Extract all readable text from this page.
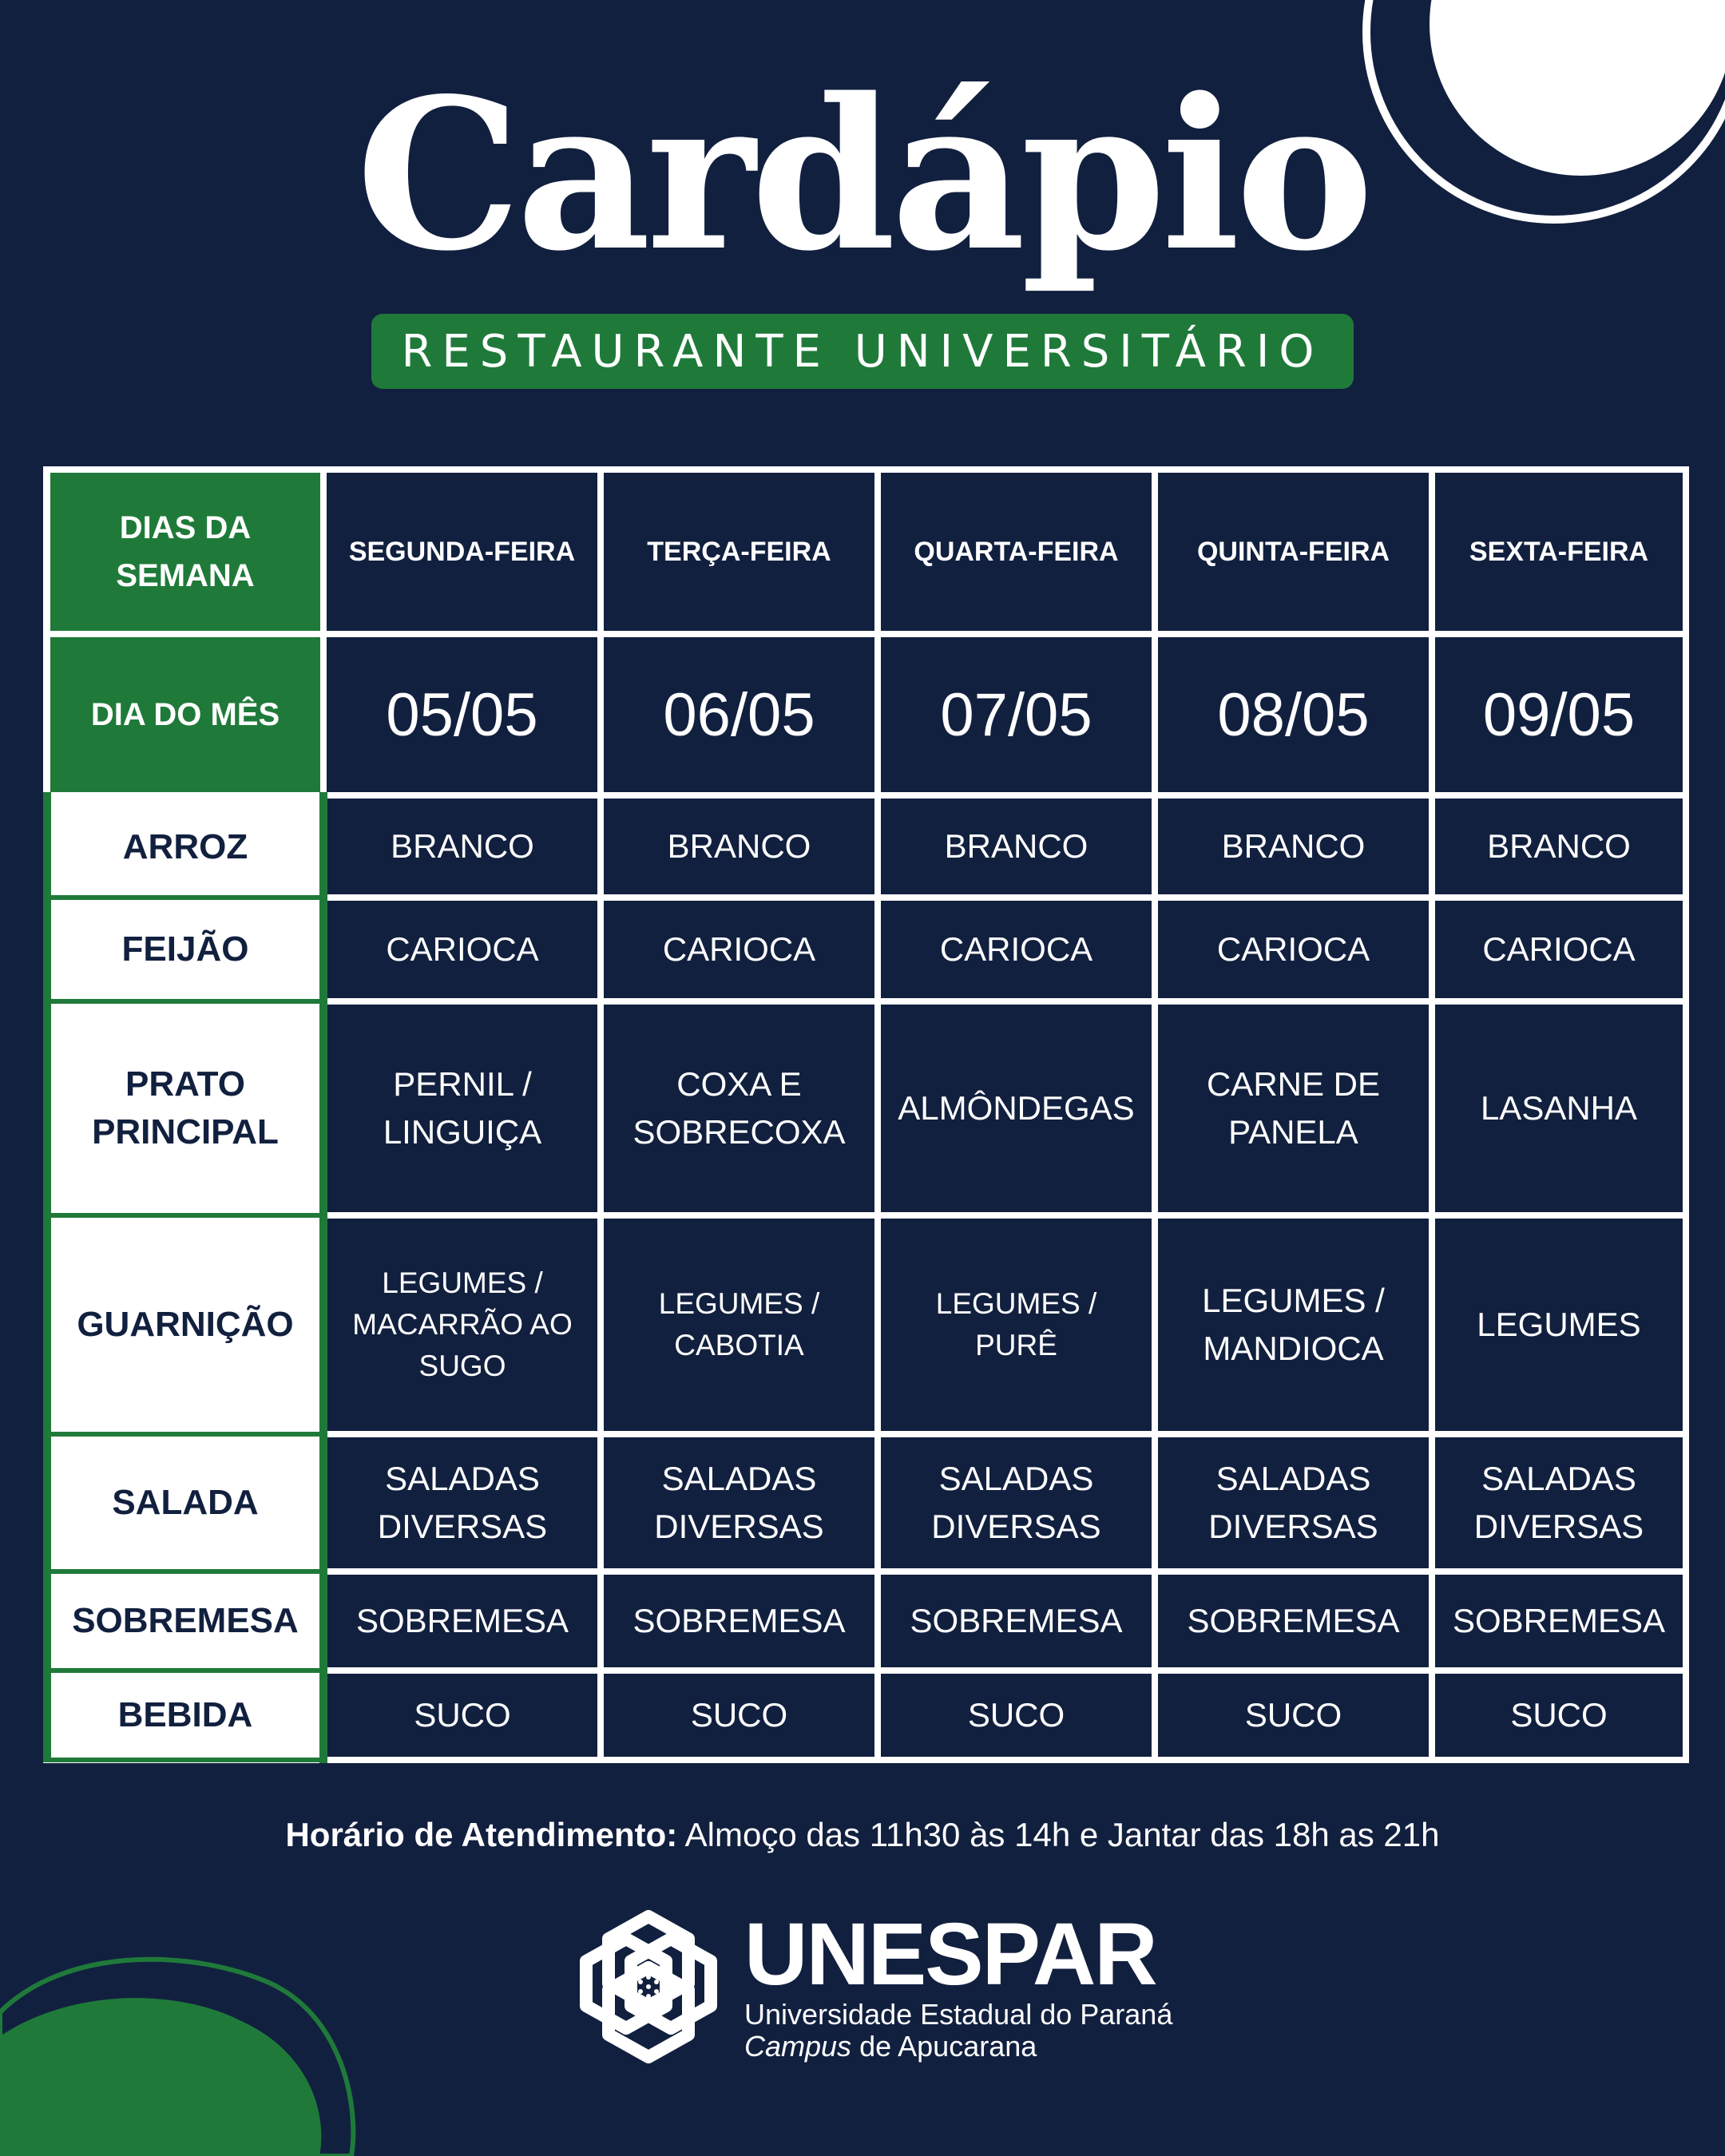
Cardápio
RESTAURANTE UNIVERSITÁRIO
DIAS DA SEMANA	SEGUNDA-FEIRA	TERÇA-FEIRA	QUARTA-FEIRA	QUINTA-FEIRA	SEXTA-FEIRA
DIA DO MÊS	05/05	06/05	07/05	08/05	09/05
ARROZ	BRANCO	BRANCO	BRANCO	BRANCO	BRANCO
FEIJÃO	CARIOCA	CARIOCA	CARIOCA	CARIOCA	CARIOCA
PRATO PRINCIPAL	PERNIL / LINGUIÇA	COXA E SOBRECOXA	ALMÔNDEGAS	CARNE DE PANELA	LASANHA
GUARNIÇÃO	LEGUMES / MACARRÃO AO SUGO	LEGUMES / CABOTIA	LEGUMES / PURÊ	LEGUMES / MANDIOCA	LEGUMES
SALADA	SALADAS DIVERSAS	SALADAS DIVERSAS	SALADAS DIVERSAS	SALADAS DIVERSAS	SALADAS DIVERSAS
SOBREMESA	SOBREMESA	SOBREMESA	SOBREMESA	SOBREMESA	SOBREMESA
BEBIDA	SUCO	SUCO	SUCO	SUCO	SUCO
Horário de Atendimento: Almoço das 11h30 às 14h e Jantar das 18h as 21h
UNESPAR
Universidade Estadual do Paraná
Campus de Apucarana
